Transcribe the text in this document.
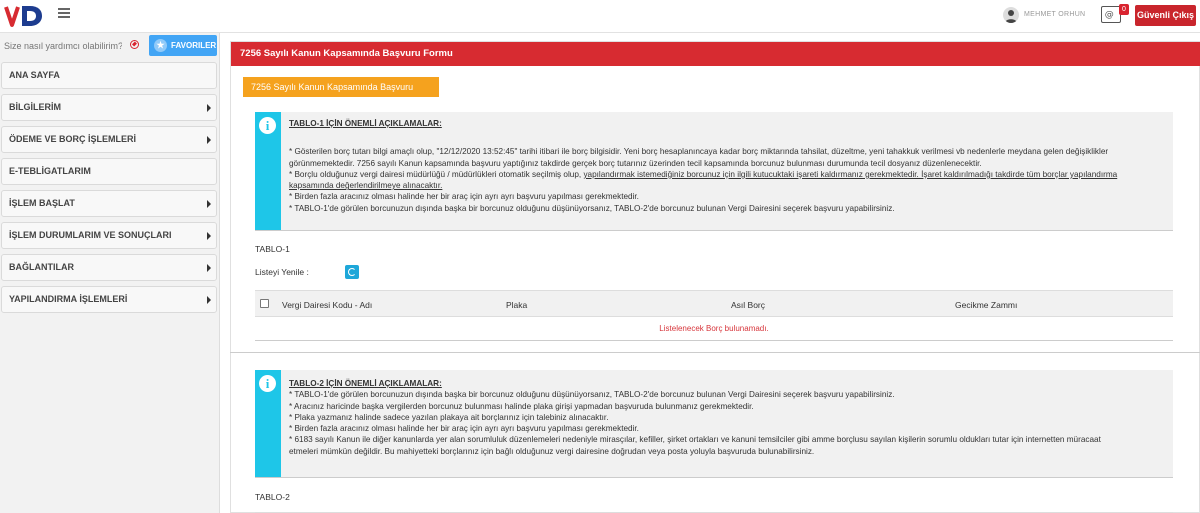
MEHMET ORHUN @
0
Güvenli Çıkış
Size nasıl yardımcı olabilirim?
★ FAVORILER
ANA SAYFA
BİLGİLERİM
ÖDEME VE BORÇ İŞLEMLERİ
E-TEBLİGATLARIM
İŞLEM BAŞLAT
İŞLEM DURUMLARIM VE SONUÇLARI
BAĞLANTILAR
YAPILANDIRMA İŞLEMLERİ
7256 Sayılı Kanun Kapsamında Başvuru Formu
7256 Sayılı Kanun Kapsamında Başvuru Formu
i	TABLO-1 İÇİN ÖNEMLİ AÇIKLAMALAR:
* Gösterilen borç tutarı bilgi amaçlı olup, "12/12/2020 13:52:45" tarihi itibari ile borç bilgisidir. Yeni borç hesaplanıncaya kadar borç miktarında tahsilat, düzeltme, yeni tahakkuk verilmesi vb nedenlerle meydana gelen değişiklikler
görünmemektedir. 7256 sayılı Kanun kapsamında başvuru yaptığınız takdirde gerçek borç tutarınız üzerinden tecil kapsamında borcunuz bulunması durumunda tecil dosyanız düzenlenecektir.
* Borçlu olduğunuz vergi dairesi müdürlüğü / müdürlükleri otomatik seçilmiş olup, yapılandırmak istemediğiniz borcunuz için ilgili kutucuktaki işareti kaldırmanız gerekmektedir. İşaret kaldırılmadığı takdirde tüm borçlar yapılandırma
kapsamında değerlendirilmeye alınacaktır.
* Birden fazla aracınız olması halinde her bir araç için ayrı ayrı başvuru yapılması gerekmektedir.
* TABLO-1'de görülen borcunuzun dışında başka bir borcunuz olduğunu düşünüyorsanız, TABLO-2'de borcunuz bulunan Vergi Dairesini seçerek başvuru yapabilirsiniz.
TABLO-1
Listeyi Yenile :
Vergi Dairesi Kodu - Adı	Plaka	Asıl Borç	Gecikme Zammı
Listelenecek Borç bulunamadı.
i	TABLO-2 İÇİN ÖNEMLİ AÇIKLAMALAR:
* TABLO-1'de görülen borcunuzun dışında başka bir borcunuz olduğunu düşünüyorsanız, TABLO-2'de borcunuz bulunan Vergi Dairesini seçerek başvuru yapabilirsiniz.
* Aracınız haricinde başka vergilerden borcunuz bulunması halinde plaka girişi yapmadan başvuruda bulunmanız gerekmektedir.
* Plaka yazmanız halinde sadece yazılan plakaya ait borçlarınız için talebiniz alınacaktır.
* Birden fazla aracınız olması halinde her bir araç için ayrı ayrı başvuru yapılması gerekmektedir.
* 6183 sayılı Kanun ile diğer kanunlarda yer alan sorumluluk düzenlemeleri nedeniyle mirasçılar, kefiller, şirket ortakları ve kanuni temsilciler gibi amme borçlusu sayılan kişilerin sorumlu oldukları tutar için internetten müracaat
etmeleri mümkün değildir. Bu mahiyetteki borçlarınız için bağlı olduğunuz vergi dairesine doğrudan veya posta yoluyla başvuruda bulunabilirsiniz.
TABLO-2
